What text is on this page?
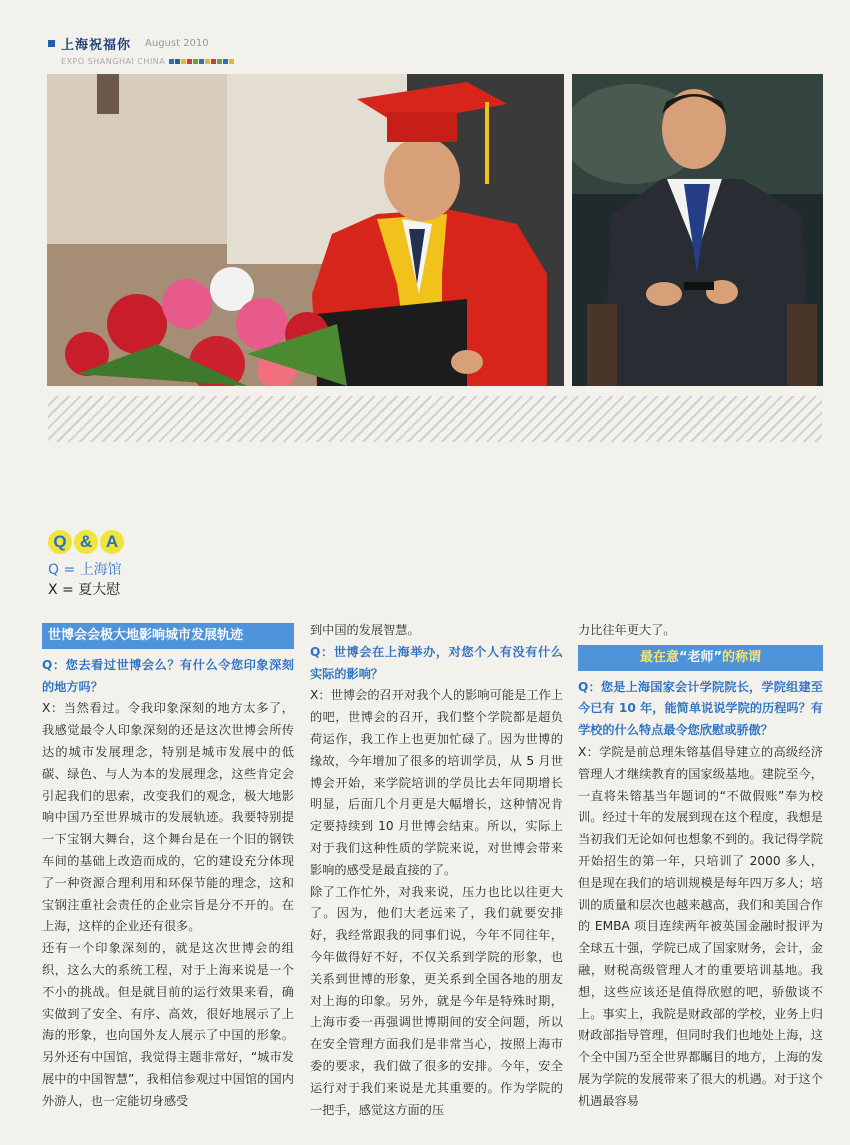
上海祝福你 August 2010
EXPO SHANGHAI CHINA
Q & A
Q = 上海馆
X = 夏大慰
世博会会极大地影响城市发展轨迹

Q：您去看过世博会么？有什么令您印象深刻的地方吗？

X：当然看过。令我印象深刻的地方太多了，我感觉最令人印象深刻的还是这次世博会所传达的城市发展理念，特别是城市发展中的低碳、绿色、与人为本的发展理念，这些肯定会引起我们的思索，改变我们的观念，极大地影响中国乃至世界城市的发展轨迹。我要特别提一下宝钢大舞台，这个舞台是在一个旧的钢铁车间的基础上改造而成的，它的建设充分体现了一种资源合理利用和环保节能的理念，这和宝钢注重社会责任的企业宗旨是分不开的。在上海，这样的企业还有很多。

还有一个印象深刻的，就是这次世博会的组织，这么大的系统工程，对于上海来说是一个不小的挑战。但是就目前的运行效果来看，确实做到了安全、有序、高效，很好地展示了上海的形象，也向国外友人展示了中国的形象。另外还有中国馆，我觉得主题非常好，“城市发展中的中国智慧”，我相信参观过中国馆的国内外游人，也一定能切身感受

到中国的发展智慧。

Q：世博会在上海举办，对您个人有没有什么实际的影响？

X：世博会的召开对我个人的影响可能是工作上的吧，世博会的召开，我们整个学院都是超负荷运作，我工作上也更加忙碌了。因为世博的缘故，今年增加了很多的培训学员，从 5 月世博会开始，来学院培训的学员比去年同期增长明显，后面几个月更是大幅增长，这种情况肯定要持续到 10 月世博会结束。所以，实际上对于我们这种性质的学院来说，对世博会带来影响的感受是最直接的了。

除了工作忙外，对我来说，压力也比以往更大了。因为，他们大老远来了，我们就要安排好，我经常跟我的同事们说，今年不同往年，今年做得好不好，不仅关系到学院的形象，也关系到世博的形象，更关系到全国各地的朋友对上海的印象。另外，就是今年是特殊时期，上海市委一再强调世博期间的安全问题，所以在安全管理方面我们是非常当心，按照上海市委的要求，我们做了很多的安排。今年，安全运行对于我们来说是尤其重要的。作为学院的一把手，感觉这方面的压

力比往年更大了。

最在意“老师”的称谓

Q：您是上海国家会计学院院长，学院组建至今已有 10 年，能简单说说学院的历程吗？有学校的什么特点最令您欣慰或骄傲？

X：学院是前总理朱镕基倡导建立的高级经济管理人才继续教育的国家级基地。建院至今，一直将朱镕基当年题词的“不做假账”奉为校训。经过十年的发展到现在这个程度，我想是当初我们无论如何也想象不到的。我记得学院开始招生的第一年，只培训了 2000 多人，但是现在我们的培训规模是每年四万多人；培训的质量和层次也越来越高，我们和美国合作的 EMBA 项目连续两年被英国金融时报评为全球五十强，学院已成了国家财务，会计，金融，财税高级管理人才的重要培训基地。我想，这些应该还是值得欣慰的吧，骄傲谈不上。事实上，我院是财政部的学校，业务上归财政部指导管理，但同时我们也地处上海，这个全中国乃至全世界都瞩目的地方，上海的发展为学院的发展带来了很大的机遇。对于这个机遇最容易
